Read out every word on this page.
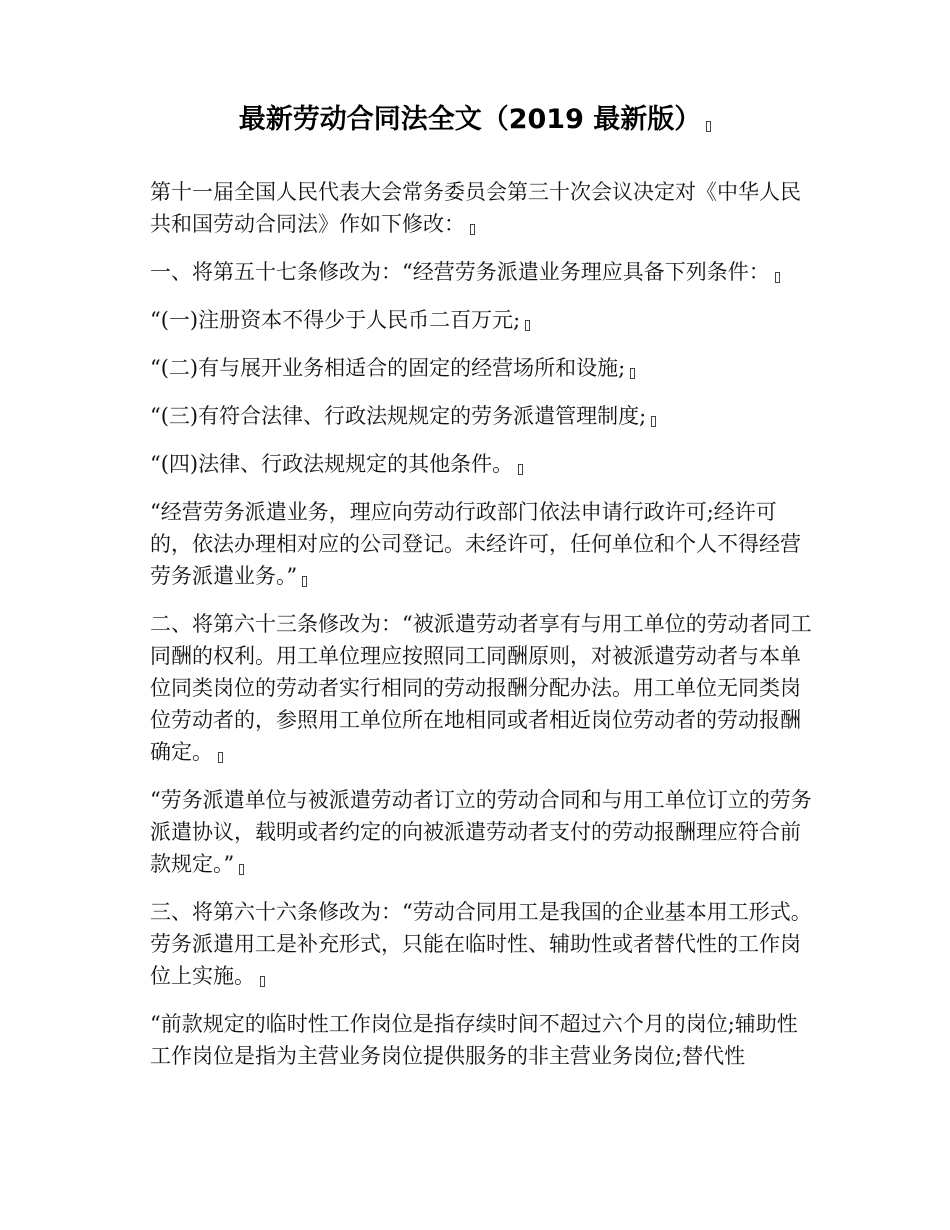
最新劳动合同法全文（2019 最新版）

第十一届全国人民代表大会常务委员会第三十次会议决定对《中华人民共和国劳动合同法》作如下修改：

一、将第五十七条修改为：“经营劳务派遣业务理应具备下列条件：

“(一)注册资本不得少于人民币二百万元;

“(二)有与展开业务相适合的固定的经营场所和设施;

“(三)有符合法律、行政法规规定的劳务派遣管理制度;

“(四)法律、行政法规规定的其他条件。

“经营劳务派遣业务，理应向劳动行政部门依法申请行政许可;经许可的，依法办理相对应的公司登记。未经许可，任何单位和个人不得经营劳务派遣业务。”

二、将第六十三条修改为：“被派遣劳动者享有与用工单位的劳动者同工同酬的权利。用工单位理应按照同工同酬原则，对被派遣劳动者与本单位同类岗位的劳动者实行相同的劳动报酬分配办法。用工单位无同类岗位劳动者的，参照用工单位所在地相同或者相近岗位劳动者的劳动报酬确定。

“劳务派遣单位与被派遣劳动者订立的劳动合同和与用工单位订立的劳务派遣协议，载明或者约定的向被派遣劳动者支付的劳动报酬理应符合前款规定。”

三、将第六十六条修改为：“劳动合同用工是我国的企业基本用工形式。劳务派遣用工是补充形式，只能在临时性、辅助性或者替代性的工作岗位上实施。

“前款规定的临时性工作岗位是指存续时间不超过六个月的岗位;辅助性工作岗位是指为主营业务岗位提供服务的非主营业务岗位;替代性
